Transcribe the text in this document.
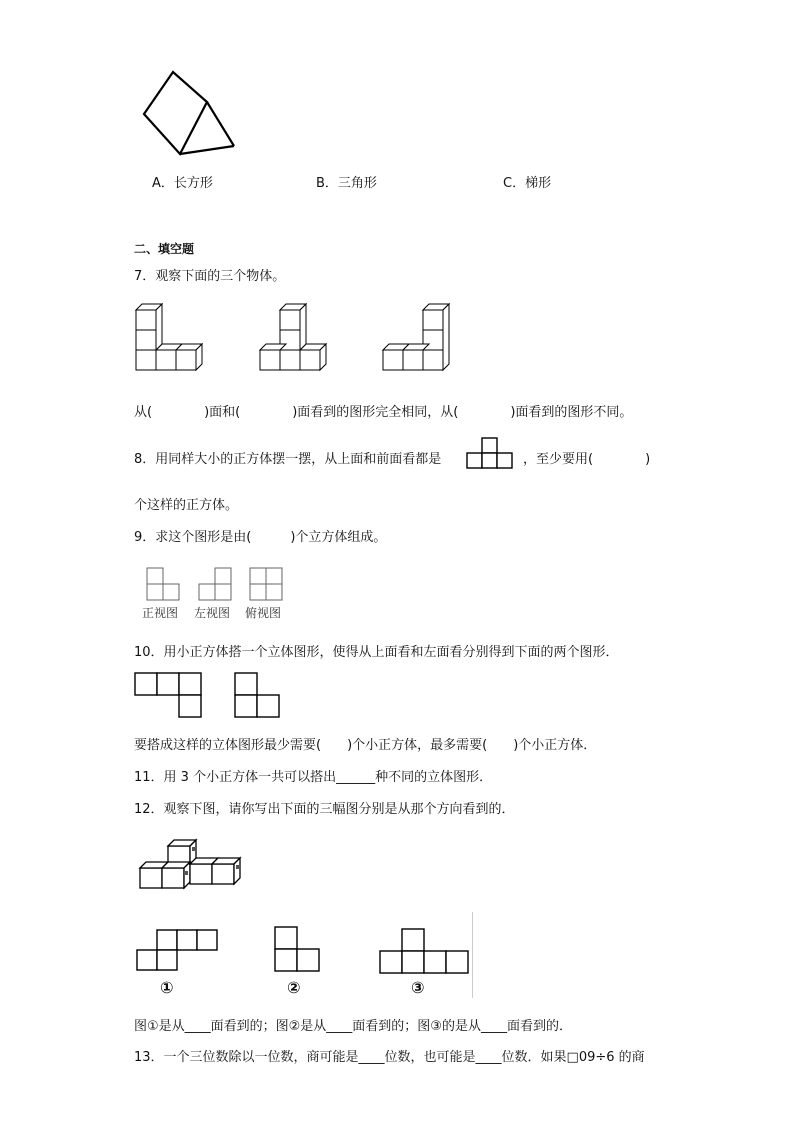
A．长方形	B．三角形	C．梯形
二、填空题
7．观察下面的三个物体。
从(　　　　)面和(　　　　)面看到的图形完全相同，从(　　　　)面看到的图形不同。
8．用同样大小的正方体摆一摆，从上面和前面看都是	，至少要用(　　　　)
个这样的正方体。
9．求这个图形是由(　　　)个立方体组成。
正视图 左视图 俯视图
10．用小正方体搭一个立体图形，使得从上面看和左面看分别得到下面的两个图形．
要搭成这样的立体图形最少需要(　　)个小正方体，最多需要(　　)个小正方体．
11．用 3 个小正方体一共可以搭出______种不同的立体图形．
12．观察下图，请你写出下面的三幅图分别是从那个方向看到的．
①	②	③
图①是从____面看到的；图②是从____面看到的；图③的是从____面看到的．
13．一个三位数除以一位数，商可能是____位数，也可能是____位数．如果□09÷6 的商
